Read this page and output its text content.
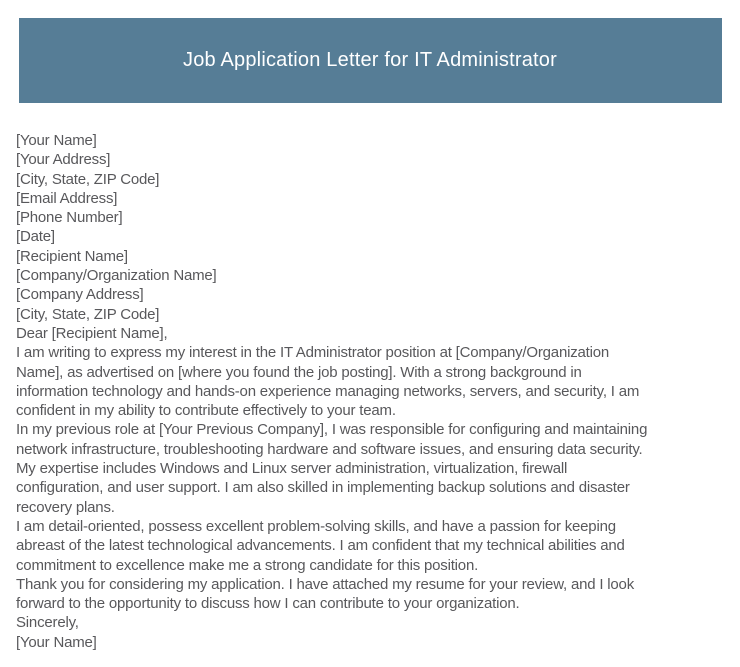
Job Application Letter for IT Administrator
[Your Name]
[Your Address]
[City, State, ZIP Code]
[Email Address]
[Phone Number]
[Date]
[Recipient Name]
[Company/Organization Name]
[Company Address]
[City, State, ZIP Code]
Dear [Recipient Name],
I am writing to express my interest in the IT Administrator position at [Company/Organization
Name], as advertised on [where you found the job posting]. With a strong background in
information technology and hands-on experience managing networks, servers, and security, I am
confident in my ability to contribute effectively to your team.
In my previous role at [Your Previous Company], I was responsible for configuring and maintaining
network infrastructure, troubleshooting hardware and software issues, and ensuring data security.
My expertise includes Windows and Linux server administration, virtualization, firewall
configuration, and user support. I am also skilled in implementing backup solutions and disaster
recovery plans.
I am detail-oriented, possess excellent problem-solving skills, and have a passion for keeping
abreast of the latest technological advancements. I am confident that my technical abilities and
commitment to excellence make me a strong candidate for this position.
Thank you for considering my application. I have attached my resume for your review, and I look
forward to the opportunity to discuss how I can contribute to your organization.
Sincerely,
[Your Name]
